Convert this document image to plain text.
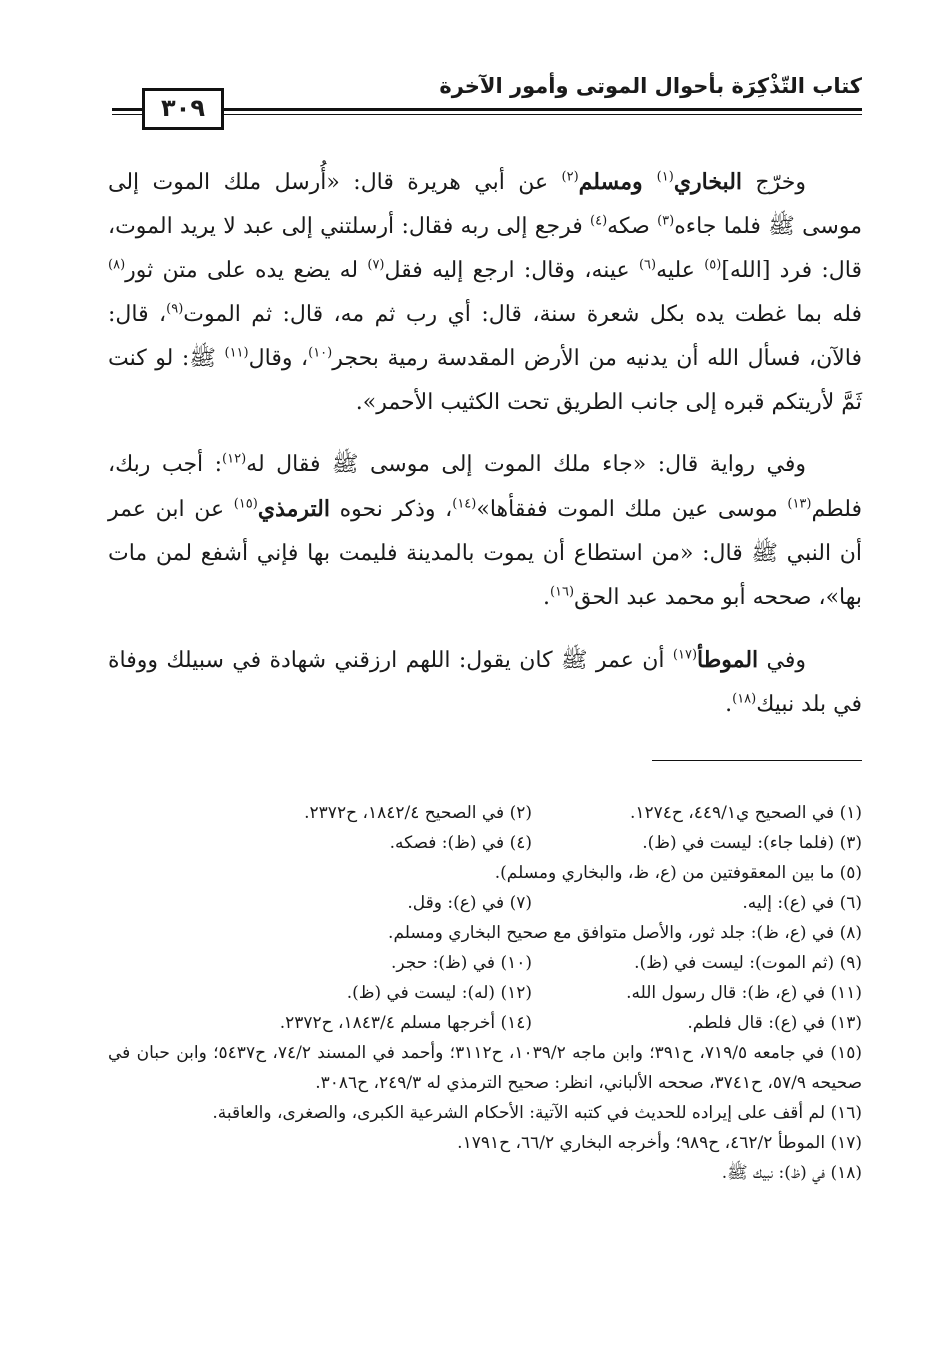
كتاب التّذْكِرَة بأحوال الموتى وأمور الآخرة
٣٠٩

وخرّج البخاري$^{(١)}$ ومسلم$^{(٢)}$ عن أبي هريرة قال: «أُرسل ملك الموت إلى موسى ﷺ فلما جاءه$^{(٣)}$ صكه$^{(٤)}$ فرجع إلى ربه فقال: أرسلتني إلى عبد لا يريد الموت، قال: فرد [الله]$^{(٥)}$ عليه$^{(٦)}$ عينه، وقال: ارجع إليه فقل$^{(٧)}$ له يضع يده على متن ثور$^{(٨)}$ فله بما غطت يده بكل شعرة سنة، قال: أي رب ثم مه، قال: ثم الموت$^{(٩)}$، قال: فالآن، فسأل الله أن يدنيه من الأرض المقدسة رمية بحجر$^{(١٠)}$، وقال$^{(١١)}$ ﷺ: لو كنت ثَمَّ لأريتكم قبره إلى جانب الطريق تحت الكثيب الأحمر».

وفي رواية قال: «جاء ملك الموت إلى موسى ﷺ فقال له$^{(١٢)}$: أجب ربك، فلطم$^{(١٣)}$ موسى عين ملك الموت ففقأها»$^{(١٤)}$، وذكر نحوه الترمذي$^{(١٥)}$ عن ابن عمر أن النبي ﷺ قال: «من استطاع أن يموت بالمدينة فليمت بها فإني أشفع لمن مات بها»، صححه أبو محمد عبد الحق$^{(١٦)}$.

وفي الموطأ$^{(١٧)}$ أن عمر ﷺ كان يقول: اللهم ارزقني شهادة في سبيلك ووفاة في بلد نبيك$^{(١٨)}$.

(١) في الصحيح ي٤٤٩/١، ح١٢٧٤.
(٢) في الصحيح ١٨٤٢/٤، ح٢٣٧٢.
(٣) (فلما جاء): ليست في (ظ).
(٤) في (ظ): فصكه.
(٥) ما بين المعقوفتين من (ع، ظ، والبخاري ومسلم).
(٦) في (ع): إليه.
(٧) في (ع): وقل.
(٨) في (ع، ظ): جلد ثور، والأصل متوافق مع صحيح البخاري ومسلم.
(٩) (ثم الموت): ليست في (ظ).
(١٠) في (ظ): حجر.
(١١) في (ع، ظ): قال رسول الله.
(١٢) (له): ليست في (ظ).
(١٣) في (ع): قال فلطم.
(١٤) أخرجها مسلم ١٨٤٣/٤، ح٢٣٧٢.
(١٥) في جامعه ٧١٩/٥، ح٣٩١؛ وابن ماجه ١٠٣٩/٢، ح٣١١٢؛ وأحمد في المسند ٧٤/٢، ح٥٤٣٧؛ وابن حبان في صحيحه ٥٧/٩، ح٣٧٤١، صححه الألباني، انظر: صحيح الترمذي له ٢٤٩/٣، ح٣٠٨٦.
(١٦) لم أقف على إيراده للحديث في كتبه الآتية: الأحكام الشرعية الكبرى، والصغرى، والعاقبة.
(١٧) الموطأ ٤٦٢/٢، ح٩٨٩؛ وأخرجه البخاري ٦٦/٢، ح١٧٩١.
(١٨) في (ظ): نبيك ﷺ.
